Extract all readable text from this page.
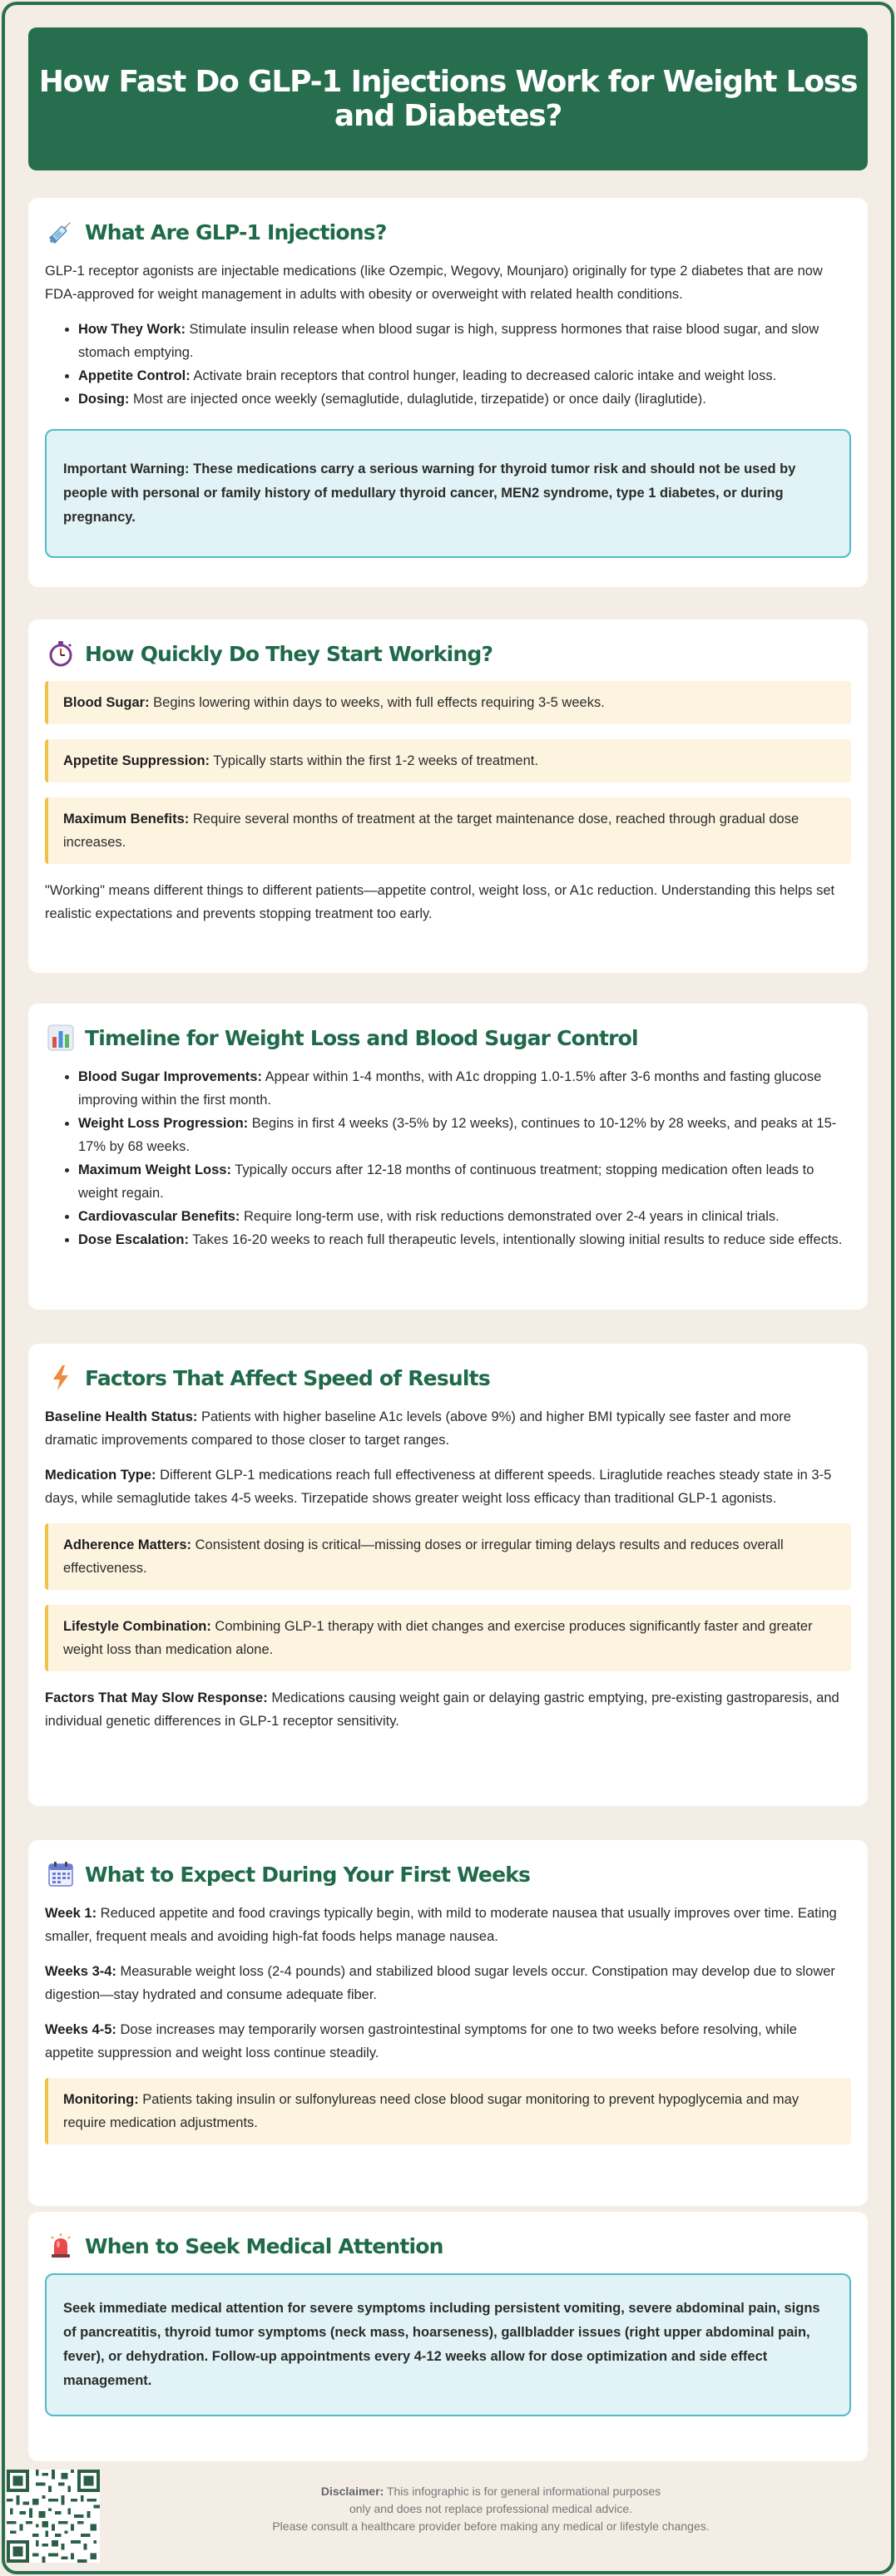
How Fast Do GLP-1 Injections Work for Weight Loss and Diabetes?
What Are GLP-1 Injections?

GLP-1 receptor agonists are injectable medications (like Ozempic, Wegovy, Mounjaro) originally for type 2 diabetes that are now FDA-approved for weight management in adults with obesity or overweight with related health conditions.

• How They Work: Stimulate insulin release when blood sugar is high, suppress hormones that raise blood sugar, and slow stomach emptying.
• Appetite Control: Activate brain receptors that control hunger, leading to decreased caloric intake and weight loss.
• Dosing: Most are injected once weekly (semaglutide, dulaglutide, tirzepatide) or once daily (liraglutide).
Important Warning: These medications carry a serious warning for thyroid tumor risk and should not be used by people with personal or family history of medullary thyroid cancer, MEN2 syndrome, type 1 diabetes, or during pregnancy.
How Quickly Do They Start Working?
Blood Sugar: Begins lowering within days to weeks, with full effects requiring 3-5 weeks.
Appetite Suppression: Typically starts within the first 1-2 weeks of treatment.
Maximum Benefits: Require several months of treatment at the target maintenance dose, reached through gradual dose increases.

"Working" means different things to different patients—appetite control, weight loss, or A1c reduction. Understanding this helps set realistic expectations and prevents stopping treatment too early.

Timeline for Weight Loss and Blood Sugar Control
• Blood Sugar Improvements: Appear within 1-4 months, with A1c dropping 1.0-1.5% after 3-6 months and fasting glucose improving within the first month.
• Weight Loss Progression: Begins in first 4 weeks (3-5% by 12 weeks), continues to 10-12% by 28 weeks, and peaks at 15-17% by 68 weeks.
• Maximum Weight Loss: Typically occurs after 12-18 months of continuous treatment; stopping medication often leads to weight regain.
• Cardiovascular Benefits: Require long-term use, with risk reductions demonstrated over 2-4 years in clinical trials.
• Dose Escalation: Takes 16-20 weeks to reach full therapeutic levels, intentionally slowing initial results to reduce side effects.
Factors That Affect Speed of Results

Baseline Health Status: Patients with higher baseline A1c levels (above 9%) and higher BMI typically see faster and more dramatic improvements compared to those closer to target ranges.

Medication Type: Different GLP-1 medications reach full effectiveness at different speeds. Liraglutide reaches steady state in 3-5 days, while semaglutide takes 4-5 weeks. Tirzepatide shows greater weight loss efficacy than traditional GLP-1 agonists.

Adherence Matters: Consistent dosing is critical—missing doses or irregular timing delays results and reduces overall effectiveness.
Lifestyle Combination: Combining GLP-1 therapy with diet changes and exercise produces significantly faster and greater weight loss than medication alone.

Factors That May Slow Response: Medications causing weight gain or delaying gastric emptying, pre-existing gastroparesis, and individual genetic differences in GLP-1 receptor sensitivity.

What to Expect During Your First Weeks

Week 1: Reduced appetite and food cravings typically begin, with mild to moderate nausea that usually improves over time. Eating smaller, frequent meals and avoiding high-fat foods helps manage nausea.

Weeks 3-4: Measurable weight loss (2-4 pounds) and stabilized blood sugar levels occur. Constipation may develop due to slower digestion—stay hydrated and consume adequate fiber.

Weeks 4-5: Dose increases may temporarily worsen gastrointestinal symptoms for one to two weeks before resolving, while appetite suppression and weight loss continue steadily.

Monitoring: Patients taking insulin or sulfonylureas need close blood sugar monitoring to prevent hypoglycemia and may require medication adjustments.
When to Seek Medical Attention
Seek immediate medical attention for severe symptoms including persistent vomiting, severe abdominal pain, signs of pancreatitis, thyroid tumor symptoms (neck mass, hoarseness), gallbladder issues (right upper abdominal pain, fever), or dehydration. Follow-up appointments every 4-12 weeks allow for dose optimization and side effect management.
Disclaimer: This infographic is for general informational purposes
only and does not replace professional medical advice.
Please consult a healthcare provider before making any medical or lifestyle changes.
